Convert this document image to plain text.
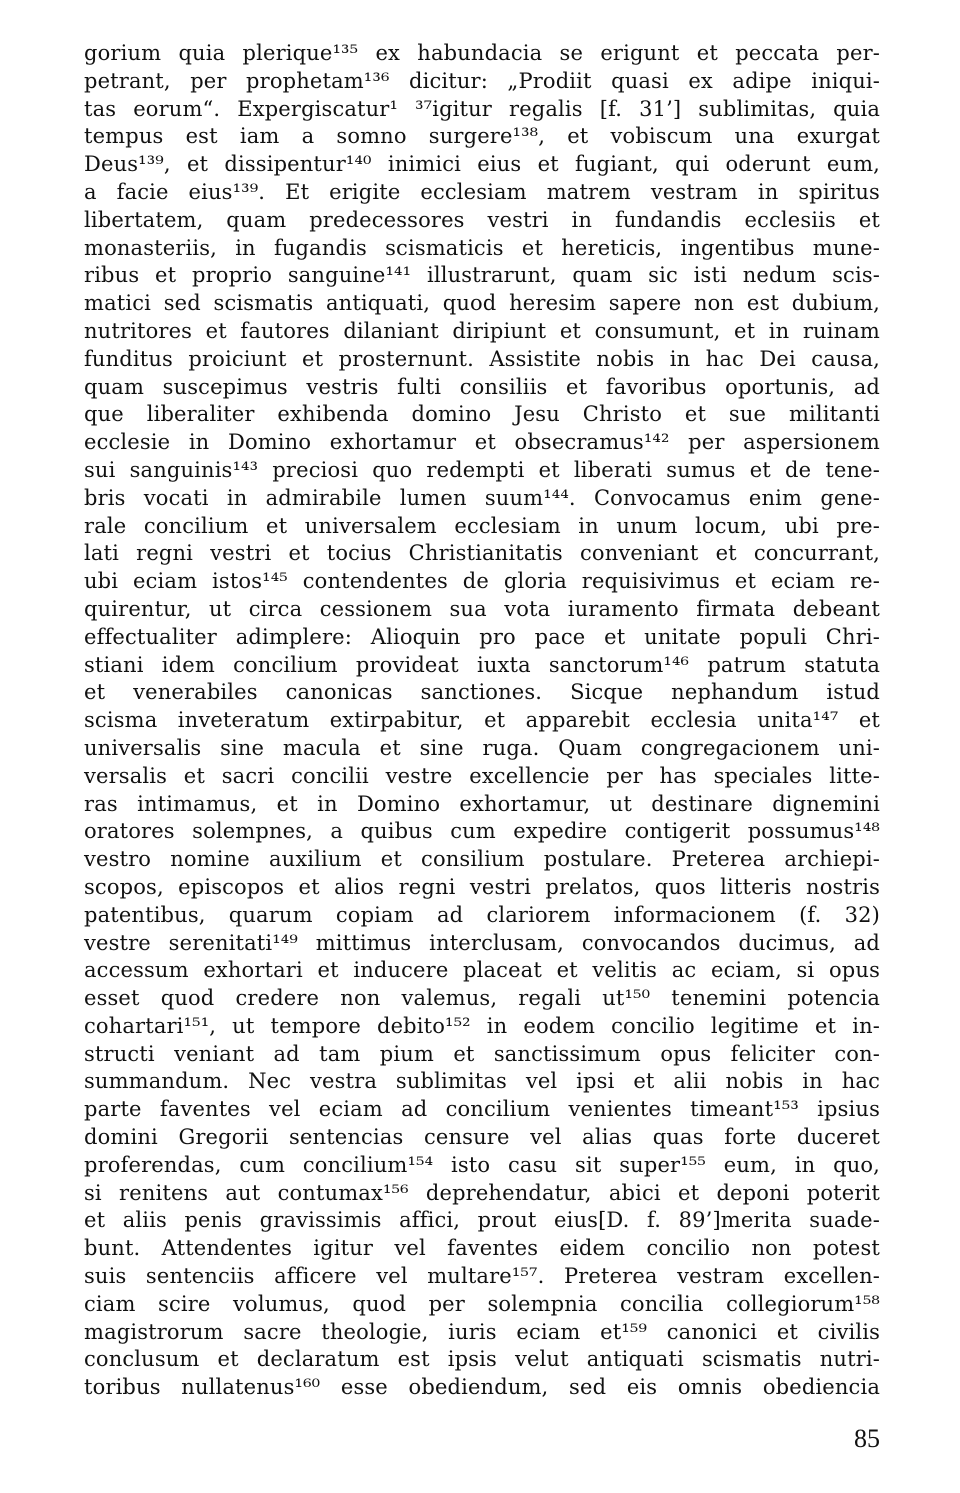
gorium quia plerique¹³⁵ ex habundacia se erigunt et peccata per-
petrant, per prophetam¹³⁶ dicitur: „Prodiit quasi ex adipe iniqui-
tas eorum“. Expergiscatur¹ ³⁷igitur regalis [f. 31’] sublimitas, quia
tempus est iam a somno surgere¹³⁸, et vobiscum una exurgat
Deus¹³⁹, et dissipentur¹⁴⁰ inimici eius et fugiant, qui oderunt eum,
a facie eius¹³⁹. Et erigite ecclesiam matrem vestram in spiritus
libertatem, quam predecessores vestri in fundandis ecclesiis et
monasteriis, in fugandis scismaticis et hereticis, ingentibus mune-
ribus et proprio sanguine¹⁴¹ illustrarunt, quam sic isti nedum scis-
matici sed scismatis antiquati, quod heresim sapere non est dubium,
nutritores et fautores dilaniant diripiunt et consumunt, et in ruinam
funditus proiciunt et prosternunt. Assistite nobis in hac Dei causa,
quam suscepimus vestris fulti consiliis et favoribus oportunis, ad
que liberaliter exhibenda domino Jesu Christo et sue militanti
ecclesie in Domino exhortamur et obsecramus¹⁴² per aspersionem
sui sanguinis¹⁴³ preciosi quo redempti et liberati sumus et de tene-
bris vocati in admirabile lumen suum¹⁴⁴. Convocamus enim gene-
rale concilium et universalem ecclesiam in unum locum, ubi pre-
lati regni vestri et tocius Christianitatis conveniant et concurrant,
ubi eciam istos¹⁴⁵ contendentes de gloria requisivimus et eciam re-
quirentur, ut circa cessionem sua vota iuramento firmata debeant
effectualiter adimplere: Alioquin pro pace et unitate populi Chri-
stiani idem concilium provideat iuxta sanctorum¹⁴⁶ patrum statuta
et venerabiles canonicas sanctiones. Sicque nephandum istud
scisma inveteratum extirpabitur, et apparebit ecclesia unita¹⁴⁷ et
universalis sine macula et sine ruga. Quam congregacionem uni-
versalis et sacri concilii vestre excellencie per has speciales litte-
ras intimamus, et in Domino exhortamur, ut destinare dignemini
oratores solempnes, a quibus cum expedire contigerit possumus¹⁴⁸
vestro nomine auxilium et consilium postulare. Preterea archiepi-
scopos, episcopos et alios regni vestri prelatos, quos litteris nostris
patentibus, quarum copiam ad clariorem informacionem (f. 32)
vestre serenitati¹⁴⁹ mittimus interclusam, convocandos ducimus, ad
accessum exhortari et inducere placeat et velitis ac eciam, si opus
esset quod credere non valemus, regali ut¹⁵⁰ tenemini potencia
cohartari¹⁵¹, ut tempore debito¹⁵² in eodem concilio legitime et in-
structi veniant ad tam pium et sanctissimum opus feliciter con-
summandum. Nec vestra sublimitas vel ipsi et alii nobis in hac
parte faventes vel eciam ad concilium venientes timeant¹⁵³ ipsius
domini Gregorii sentencias censure vel alias quas forte duceret
proferendas, cum concilium¹⁵⁴ isto casu sit super¹⁵⁵ eum, in quo,
si renitens aut contumax¹⁵⁶ deprehendatur, abici et deponi poterit
et aliis penis gravissimis affici, prout eius[D. f. 89’]merita suade-
bunt. Attendentes igitur vel faventes eidem concilio non potest
suis sentenciis afficere vel multare¹⁵⁷. Preterea vestram excellen-
ciam scire volumus, quod per solempnia concilia collegiorum¹⁵⁸
magistrorum sacre theologie, iuris eciam et¹⁵⁹ canonici et civilis
conclusum et declaratum est ipsis velut antiquati scismatis nutri-
toribus nullatenus¹⁶⁰ esse obediendum, sed eis omnis obediencia
85
